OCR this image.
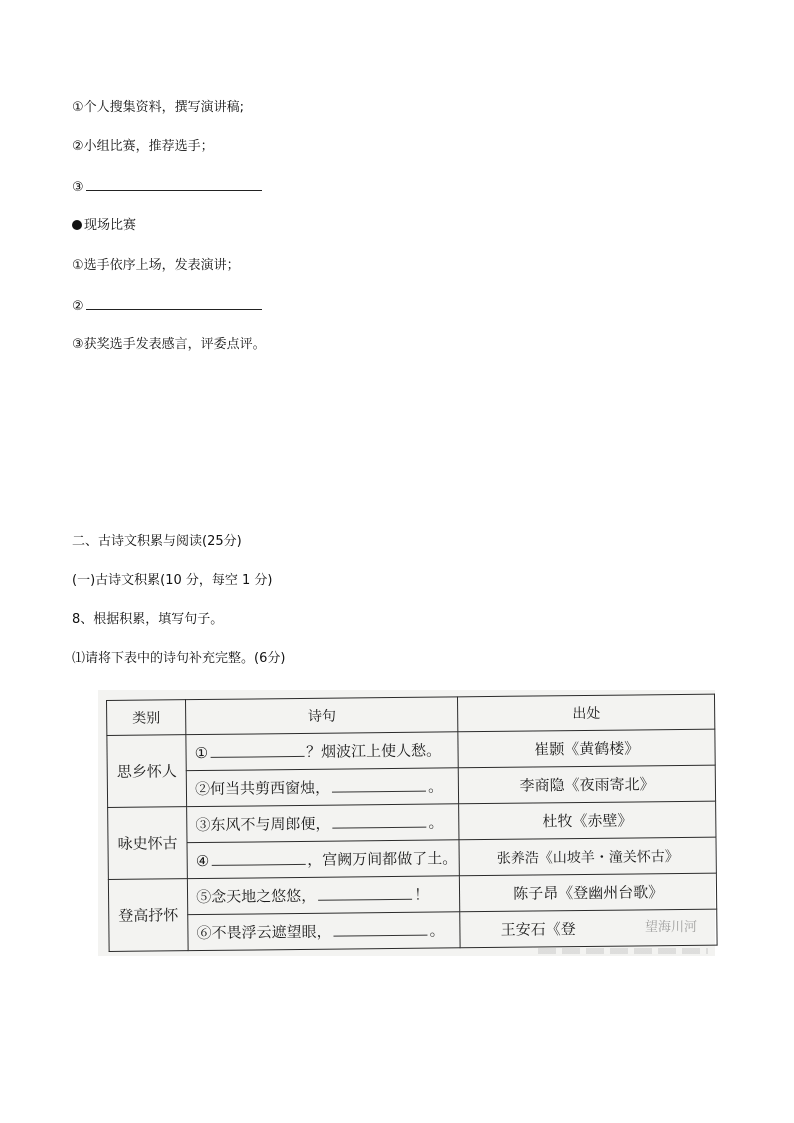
①个人搜集资料，撰写演讲稿;
②小组比赛，推荐选手；
③
现场比赛
①选手依序上场，发表演讲；
②
③获奖选手发表感言，评委点评。
二、古诗文积累与阅读(25分)
(一)古诗文积累(10 分，每空 1 分)
8、根据积累，填写句子。
⑴请将下表中的诗句补充完整。(6分)
类别	诗句	出处
思乡怀人	① ？烟波江上使人愁。	崔颢《黄鹤楼》
	②何当共剪西窗烛， 。	李商隐《夜雨寄北》
咏史怀古	③东风不与周郎便， 。	杜牧《赤壁》
	④ ，宫阙万间都做了土。	张养浩《山坡羊・潼关怀古》
登高抒怀	⑤念天地之悠悠， ！	陈子昂《登幽州台歌》
	⑥不畏浮云遮望眼， 。	王安石《登	望海川河
